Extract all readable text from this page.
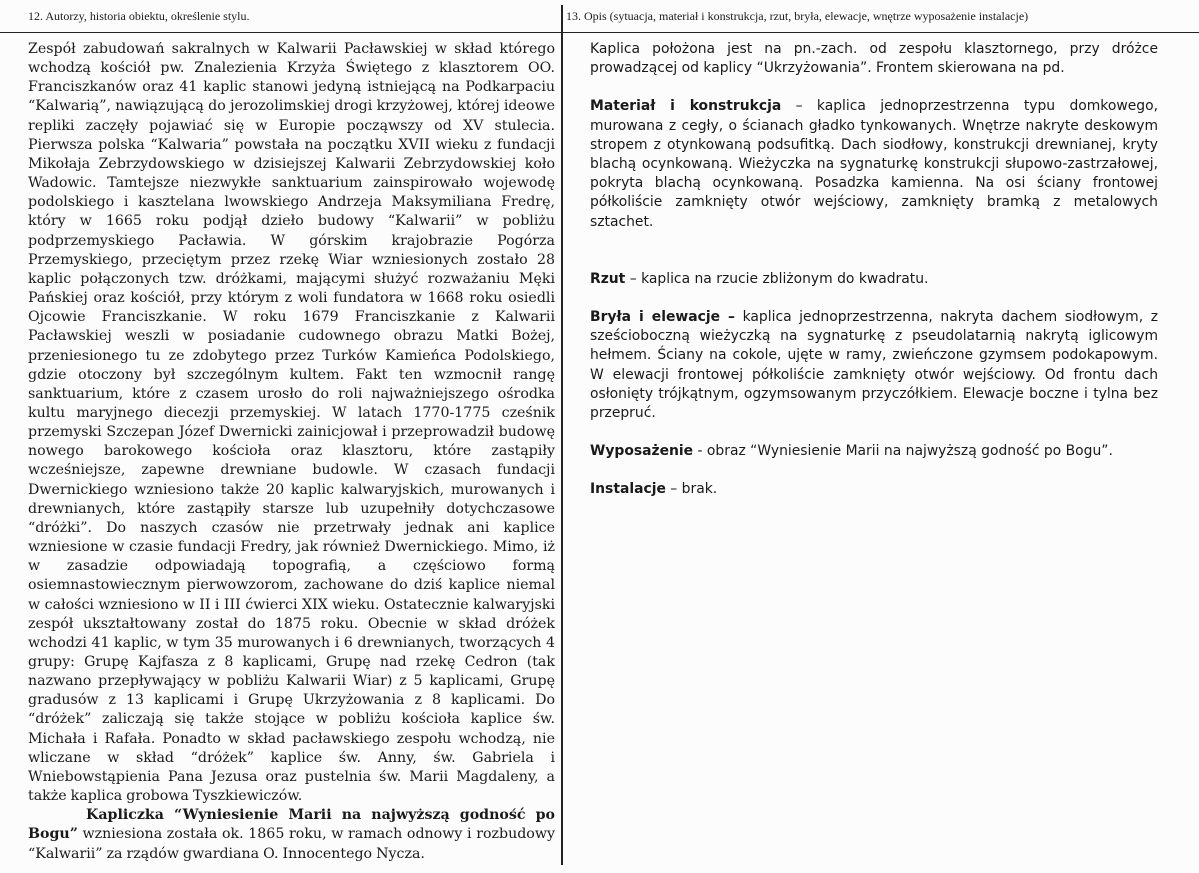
12. Autorzy, historia obiektu, określenie stylu.	13. Opis (sytuacja, materiał i konstrukcja, rzut, bryła, elewacje, wnętrze wyposażenie instalacje)

Zespół zabudowań sakralnych w Kalwarii Pacławskiej w skład którego wchodzą kościół pw. Znalezienia Krzyża Świętego z klasztorem OO. Franciszkanów oraz 41 kaplic stanowi jedyną istniejącą na Podkarpaciu “Kalwarią”, nawiązującą do jerozolimskiej drogi krzyżowej, której ideowe repliki zaczęły pojawiać się w Europie począwszy od XV stulecia. Pierwsza polska “Kalwaria” powstała na początku XVII wieku z fundacji Mikołaja Zebrzydowskiego w dzisiejszej Kalwarii Zebrzydowskiej koło Wadowic. Tamtejsze niezwykłe sanktuarium zainspirowało wojewodę podolskiego i kasztelana lwowskiego Andrzeja Maksymiliana Fredrę, który w 1665 roku podjął dzieło budowy “Kalwarii” w pobliżu podprzemyskiego Pacławia. W górskim krajobrazie Pogórza Przemyskiego, przeciętym przez rzekę Wiar wzniesionych zostało 28 kaplic połączonych tzw. dróżkami, mającymi służyć rozważaniu Męki Pańskiej oraz kościół, przy którym z woli fundatora w 1668 roku osiedli Ojcowie Franciszkanie. W roku 1679 Franciszkanie z Kalwarii Pacławskiej weszli w posiadanie cudownego obrazu Matki Bożej, przeniesionego tu ze zdobytego przez Turków Kamieńca Podolskiego, gdzie otoczony był szczególnym kultem. Fakt ten wzmocnił rangę sanktuarium, które z czasem urosło do roli najważniejszego ośrodka kultu maryjnego diecezji przemyskiej. W latach 1770-1775 cześnik przemyski Szczepan Józef Dwernicki zainicjował i przeprowadził budowę nowego barokowego kościoła oraz klasztoru, które zastąpiły wcześniejsze, zapewne drewniane budowle. W czasach fundacji Dwernickiego wzniesiono także 20 kaplic kalwaryjskich, murowanych i drewnianych, które zastąpiły starsze lub uzupełniły dotychczasowe “dróżki”. Do naszych czasów nie przetrwały jednak ani kaplice wzniesione w czasie fundacji Fredry, jak również Dwernickiego. Mimo, iż w zasadzie odpowiadają topografią, a częściowo formą osiemnastowiecznym pierwowzorom, zachowane do dziś kaplice niemal w całości wzniesiono w II i III ćwierci XIX wieku. Ostatecznie kalwaryjski zespół ukształtowany został do 1875 roku. Obecnie w skład dróżek wchodzi 41 kaplic, w tym 35 murowanych i 6 drewnianych, tworzących 4 grupy: Grupę Kajfasza z 8 kaplicami, Grupę nad rzekę Cedron (tak nazwano przepływający w pobliżu Kalwarii Wiar) z 5 kaplicami, Grupę gradusów z 13 kaplicami i Grupę Ukrzyżowania z 8 kaplicami. Do “dróżek” zaliczają się także stojące w pobliżu kościoła kaplice św. Michała i Rafała. Ponadto w skład pacławskiego zespołu wchodzą, nie wliczane w skład “dróżek” kaplice św. Anny, św. Gabriela i Wniebowstąpienia Pana Jezusa oraz pustelnia św. Marii Magdaleny, a także kaplica grobowa Tyszkiewiczów.

Kapliczka “Wyniesienie Marii na najwyższą godność po Bogu” wzniesiona została ok. 1865 roku, w ramach odnowy i rozbudowy “Kalwarii” za rządów gwardiana O. Innocentego Nycza.

Kaplica położona jest na pn.-zach. od zespołu klasztornego, przy dróżce prowadzącej od kaplicy “Ukrzyżowania”. Frontem skierowana na pd.

Materiał i konstrukcja – kaplica jednoprzestrzenna typu domkowego, murowana z cegły, o ścianach gładko tynkowanych. Wnętrze nakryte deskowym stropem z otynkowaną podsufitką. Dach siodłowy, konstrukcji drewnianej, kryty blachą ocynkowaną. Wieżyczka na sygnaturkę konstrukcji słupowo-zastrzałowej, pokryta blachą ocynkowaną. Posadzka kamienna. Na osi ściany frontowej półkoliście zamknięty otwór wejściowy, zamknięty bramką z metalowych sztachet.

Rzut – kaplica na rzucie zbliżonym do kwadratu.

Bryła i elewacje – kaplica jednoprzestrzenna, nakryta dachem siodłowym, z sześcioboczną wieżyczką na sygnaturkę z pseudolatarnią nakrytą iglicowym hełmem. Ściany na cokole, ujęte w ramy, zwieńczone gzymsem podokapowym. W elewacji frontowej półkoliście zamknięty otwór wejściowy. Od frontu dach osłonięty trójkątnym, ogzymsowanym przyczółkiem. Elewacje boczne i tylna bez przepruć.

Wyposażenie - obraz “Wyniesienie Marii na najwyższą godność po Bogu”.

Instalacje – brak.
